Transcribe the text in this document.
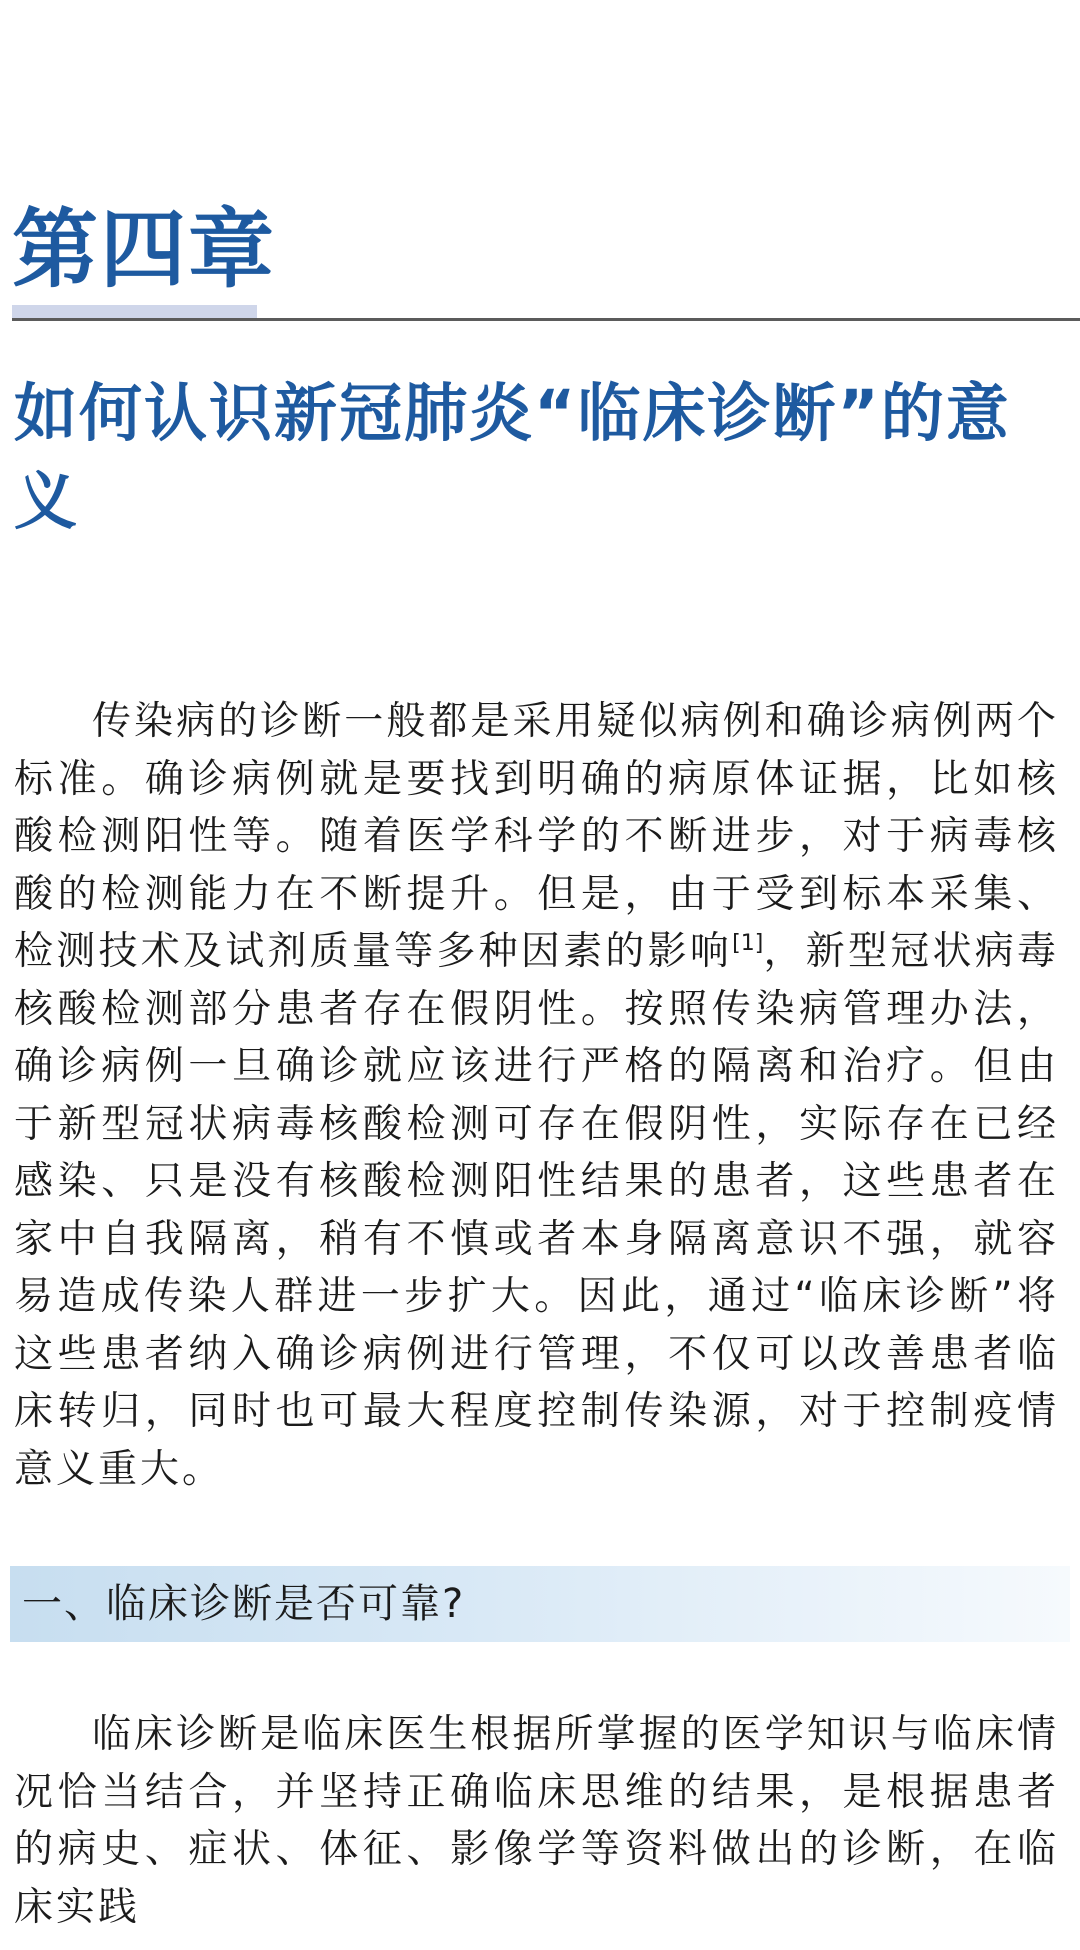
第四章
如何认识新冠肺炎“临床诊断”的意义

传染病的诊断一般都是采用疑似病例和确诊病例两个标准。确诊病例就是要找到明确的病原体证据，比如核酸检测阳性等。随着医学科学的不断进步，对于病毒核酸的检测能力在不断提升。但是，由于受到标本采集、检测技术及试剂质量等多种因素的影响[1]，新型冠状病毒核酸检测部分患者存在假阴性。按照传染病管理办法，确诊病例一旦确诊就应该进行严格的隔离和治疗。但由于新型冠状病毒核酸检测可存在假阴性，实际存在已经感染、只是没有核酸检测阳性结果的患者，这些患者在家中自我隔离，稍有不慎或者本身隔离意识不强，就容易造成传染人群进一步扩大。因此，通过“临床诊断”将这些患者纳入确诊病例进行管理，不仅可以改善患者临床转归，同时也可最大程度控制传染源，对于控制疫情意义重大。

一、临床诊断是否可靠?

临床诊断是临床医生根据所掌握的医学知识与临床情况恰当结合，并坚持正确临床思维的结果，是根据患者的病史、症状、体征、影像学等资料做出的诊断，在临床实践
